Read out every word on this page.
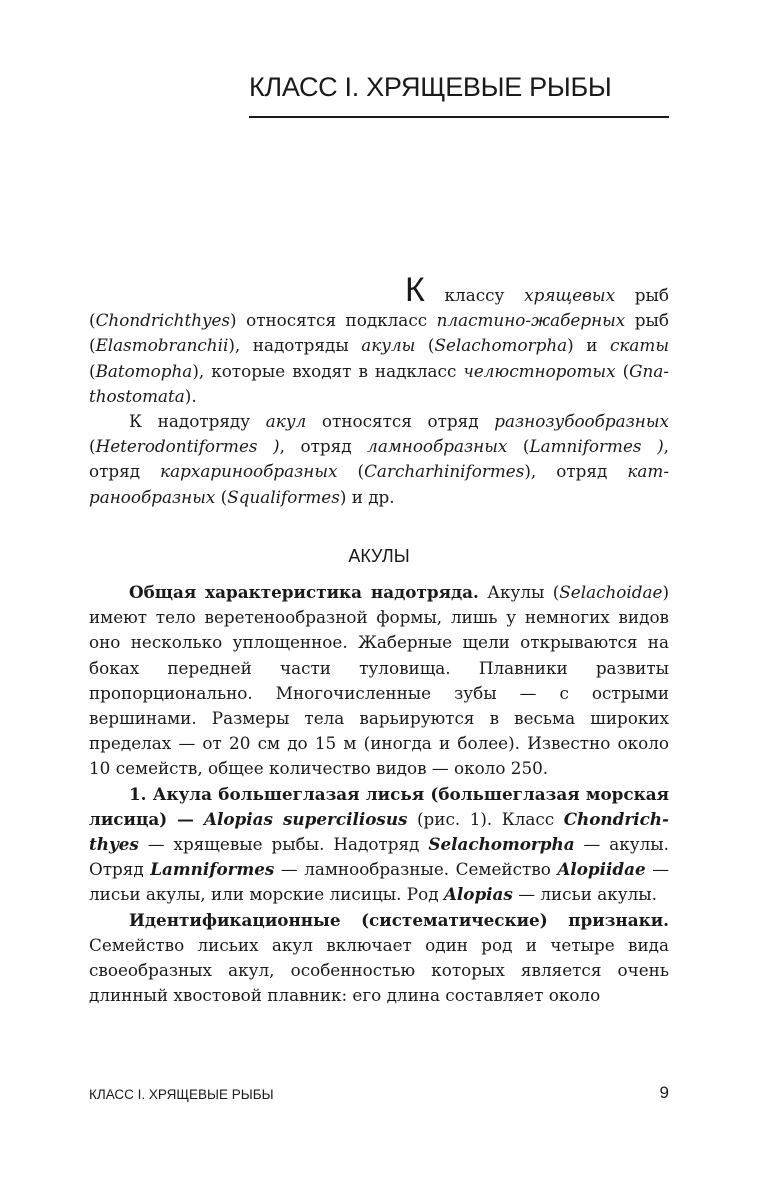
КЛАСС I. ХРЯЩЕВЫЕ РЫБЫ

К классу хрящевых рыб (Chondrichthyes) относятся подкласс пластино-жаберных рыб (Elasmobranchii), надотряды акулы (Selachomorpha) и скаты (Batomopha), которые входят в надкласс челюстноротых (Gnathostomata).

К надотряду акул относятся отряд разнозубообразных (Heterodontiformes ), отряд ламнообразных (Lamniformes ), отряд кархаринообразных (Carcharhiniformes), отряд катранообразных (Squaliformes) и др.

АКУЛЫ

Общая характеристика надотряда. Акулы (Selachoidae) имеют тело веретенообразной формы, лишь у немногих видов оно несколько уплощенное. Жаберные щели открываются на боках передней части туловища. Плавники развиты пропорционально. Многочисленные зубы — с острыми вершинами. Размеры тела варьируются в весьма широких пределах — от 20 см до 15 м (иногда и более). Известно около 10 семейств, общее количество видов — около 250.

1. Акула большеглазая лисья (большеглазая морская лисица) — Alopias superciliosus (рис. 1). Класс Chondrichthyes — хрящевые рыбы. Надотряд Selachomorpha — акулы. Отряд Lamniformes — ламнообразные. Семейство Alopiidae — лисьи акулы, или морские лисицы. Род Alopias — лисьи акулы.

Идентификационные (систематические) признаки. Семейство лисьих акул включает один род и четыре вида своеобразных акул, особенностью которых является очень длинный хвостовой плавник: его длина составляет около

КЛАСС I. ХРЯЩЕВЫЕ РЫБЫ	9
